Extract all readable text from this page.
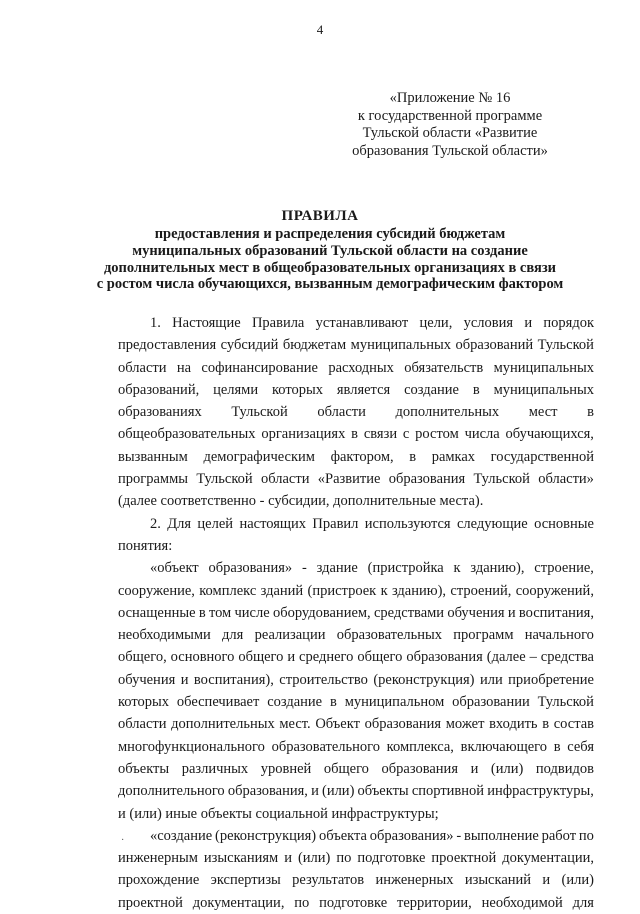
4
«Приложение № 16
к государственной программе
Тульской области «Развитие
образования Тульской области»
ПРАВИЛА
предоставления и распределения субсидий бюджетам
муниципальных образований Тульской области на создание
дополнительных мест в общеобразовательных организациях в связи
с ростом числа обучающихся, вызванным демографическим фактором
1. Настоящие Правила устанавливают цели, условия и порядок
предоставления субсидий бюджетам муниципальных образований Тульской
области на софинансирование расходных обязательств муниципальных
образований, целями которых является создание в муниципальных
образованиях Тульской области дополнительных мест в
общеобразовательных организациях в связи с ростом числа обучающихся,
вызванным демографическим фактором, в рамках государственной
программы Тульской области «Развитие образования Тульской области»
(далее соответственно - субсидии, дополнительные места).
2. Для целей настоящих Правил используются следующие основные
понятия:
«объект образования» - здание (пристройка к зданию), строение,
сооружение, комплекс зданий (пристроек к зданию), строений, сооружений,
оснащенные в том числе оборудованием, средствами обучения и воспитания,
необходимыми для реализации образовательных программ начального
общего, основного общего и среднего общего образования (далее – средства
обучения и воспитания), строительство (реконструкция) или приобретение
которых обеспечивает создание в муниципальном образовании Тульской
области дополнительных мест. Объект образования может входить в состав
многофункционального образовательного комплекса, включающего в себя
объекты различных уровней общего образования и (или) подвидов
дополнительного образования, и (или) объекты спортивной инфраструктуры,
и (или) иные объекты социальной инфраструктуры;
«создание (реконструкция) объекта образования» - выполнение работ по
инженерным изысканиям и (или) по подготовке проектной документации,
прохождение экспертизы результатов инженерных изысканий и (или)
проектной документации, по подготовке территории, необходимой для
·
